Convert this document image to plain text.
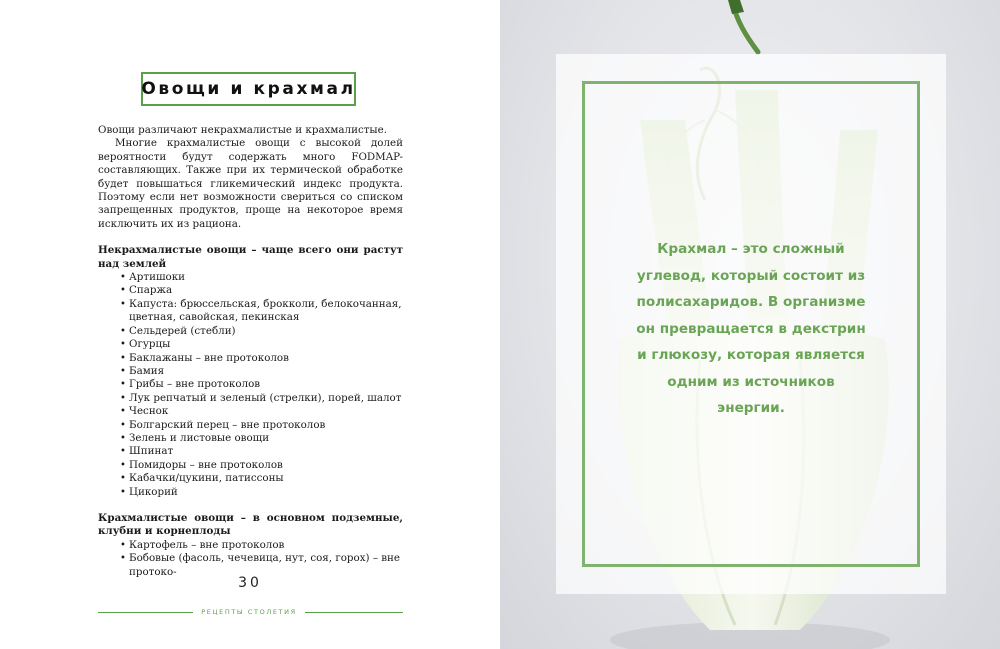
Овощи и крахмал

Овощи различают некрахмалистые и крахмалистые.

Многие крахмалистые овощи с высокой долей вероятности будут содержать много FODMAP-составляющих. Также при их термической обработке будет повышаться гликемический индекс продукта. Поэтому если нет возможности свериться со списком запрещенных продуктов, проще на некоторое время исключить их из рациона.

Некрахмалистые овощи – чаще всего они растут над землей

• Артишоки
• Спаржа
• Капуста: брюссельская, брокколи, белокочанная, цветная, савойская, пекинская
• Сельдерей (стебли)
• Огурцы
• Баклажаны – вне протоколов
• Бамия
• Грибы – вне протоколов
• Лук репчатый и зеленый (стрелки), порей, шалот
• Чеснок
• Болгарский перец – вне протоколов
• Зелень и листовые овощи
• Шпинат
• Помидоры – вне протоколов
• Кабачки/цукини, патиссоны
• Цикорий

Крахмалистые овощи – в основном подземные, клубни и корнеплоды

• Картофель – вне протоколов
• Бобовые (фасоль, чечевица, нут, соя, горох) – вне протоко-
30
РЕЦЕПТЫ СТОЛЕТИЯ
Крахмал – это сложный
углевод, который состоит из
полисахаридов. В организме
он превращается в декстрин
и глюкозу, которая является
одним из источников
энергии.
